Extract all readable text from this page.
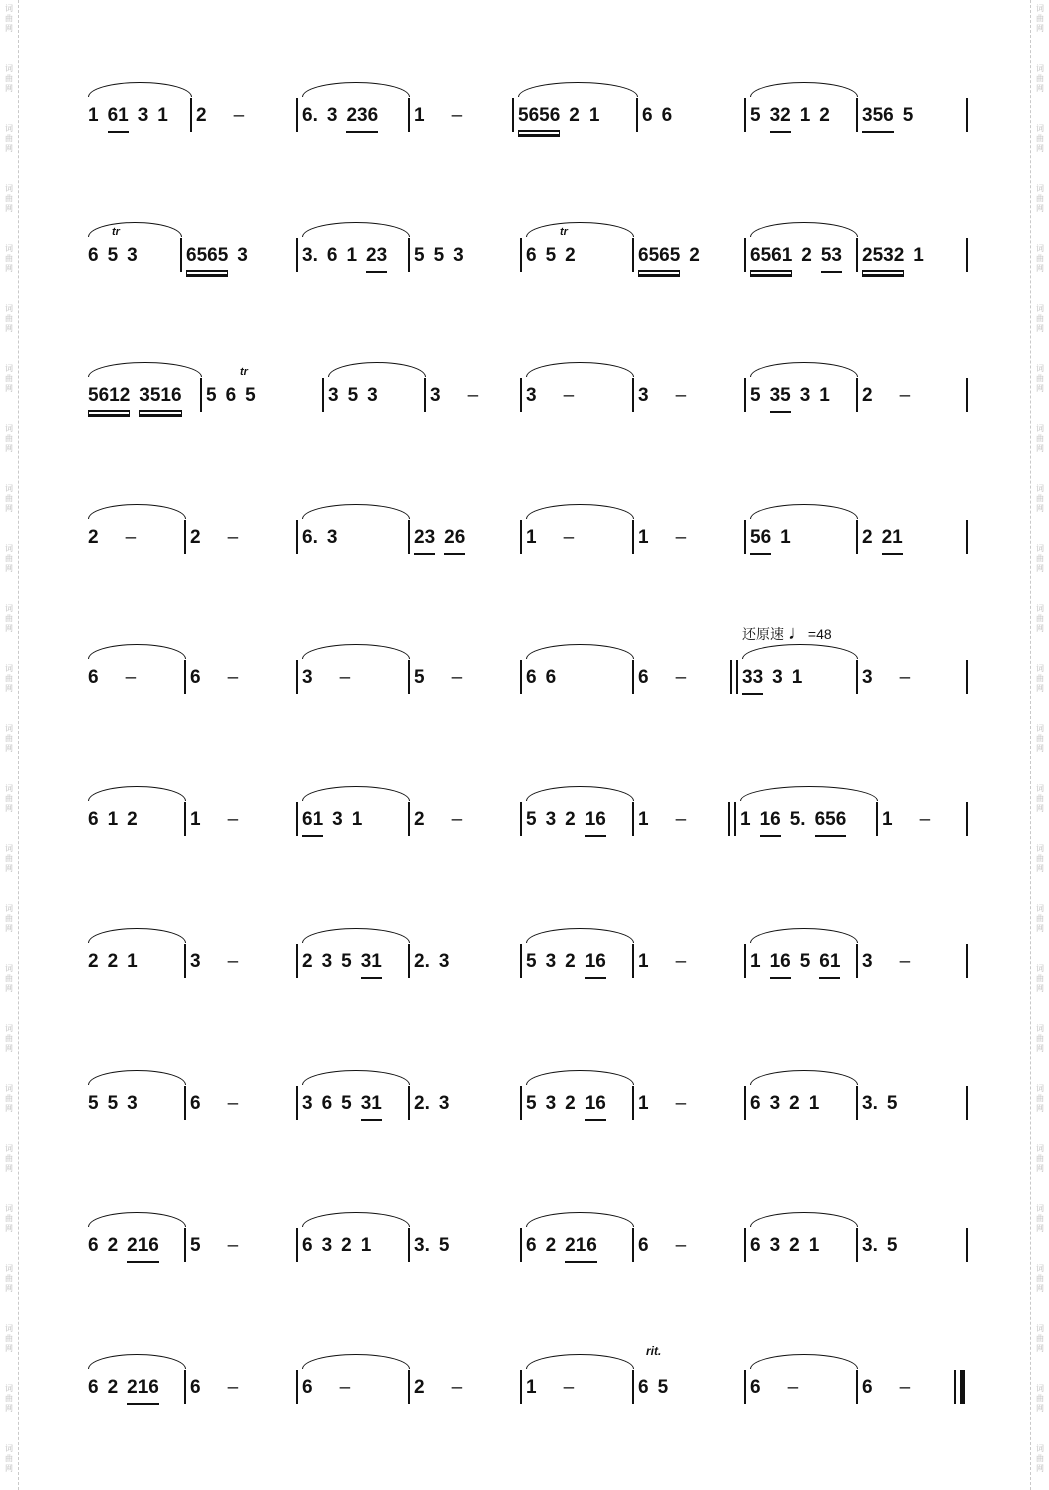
词曲网
词曲网
词曲网
词曲网
词曲网
词曲网
词曲网
词曲网
词曲网
词曲网
词曲网
词曲网
词曲网
词曲网
词曲网
词曲网
词曲网
词曲网
词曲网
词曲网
词曲网
词曲网
词曲网
词曲网
词曲网
词曲网
词曲网
词曲网
词曲网
词曲网
词曲网
词曲网
词曲网
词曲网
词曲网
词曲网
词曲网
词曲网
词曲网
词曲网
词曲网
词曲网
词曲网
词曲网
词曲网
词曲网
词曲网
词曲网
词曲网
词曲网
1 61 3 1	2 –	6. 3 236	1 –	5656 2 1	6 6	5 32 1 2	356 5
6 5 3	6565 3	3. 6 1 23	5 5 3	6 5 2	6565 2	6561 2 53	2532 1
tr	tr
5612 3516	5 6 5	3 5 3	3 –	3 –	3 –	5 35 3 1	2 –
tr
2 –	2 –	6. 3	23 26	1 –	1 –	56 1	2 21
6 –	6 –	3 –	5 –	6 6	6 –	33 3 1	3 –
6 1 2	1 –	61 3 1	2 –	5 3 2 16	1 –	1 16 5. 656	1 –
2 2 1	3 –	2 3 5 31	2. 3	5 3 2 16	1 –	1 16 5 61	3 –
5 5 3	6 –	3 6 5 31	2. 3	5 3 2 16	1 –	6 3 2 1	3. 5
6 2 216	5 –	6 3 2 1	3. 5	6 2 216	6 –	6 3 2 1	3. 5
6 2 216	6 –	6 –	2 –	1 –	6 5	6 –	6 –
还原速 ♩=48
rit.
